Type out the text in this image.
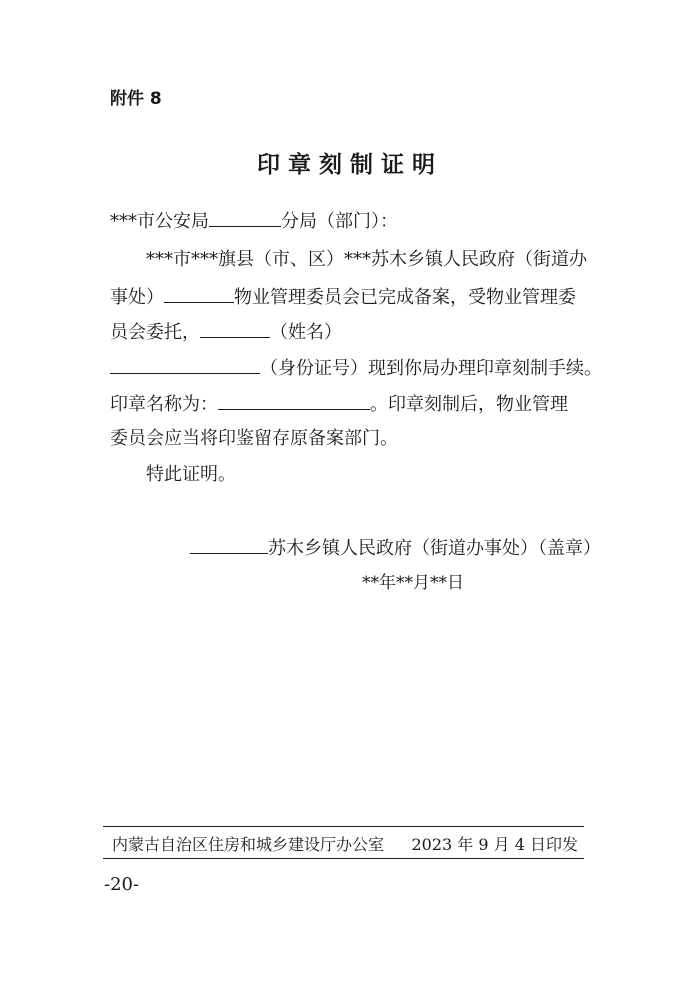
附件 8
印章刻制证明
***市公安局	分局（部门）：
***市***旗县（市、区）***苏木乡镇人民政府（街道办
事处）	物业管理委员会已完成备案，受物业管理委
员会委托，	（姓名）
（身份证号）现到你局办理印章刻制手续。
印章名称为：	。印章刻制后，物业管理
委员会应当将印鉴留存原备案部门。
特此证明。
苏木乡镇人民政府（街道办事处）（盖章）
**年**月**日
内蒙古自治区住房和城乡建设厅办公室 2023 年 9 月 4 日印发
-20-
